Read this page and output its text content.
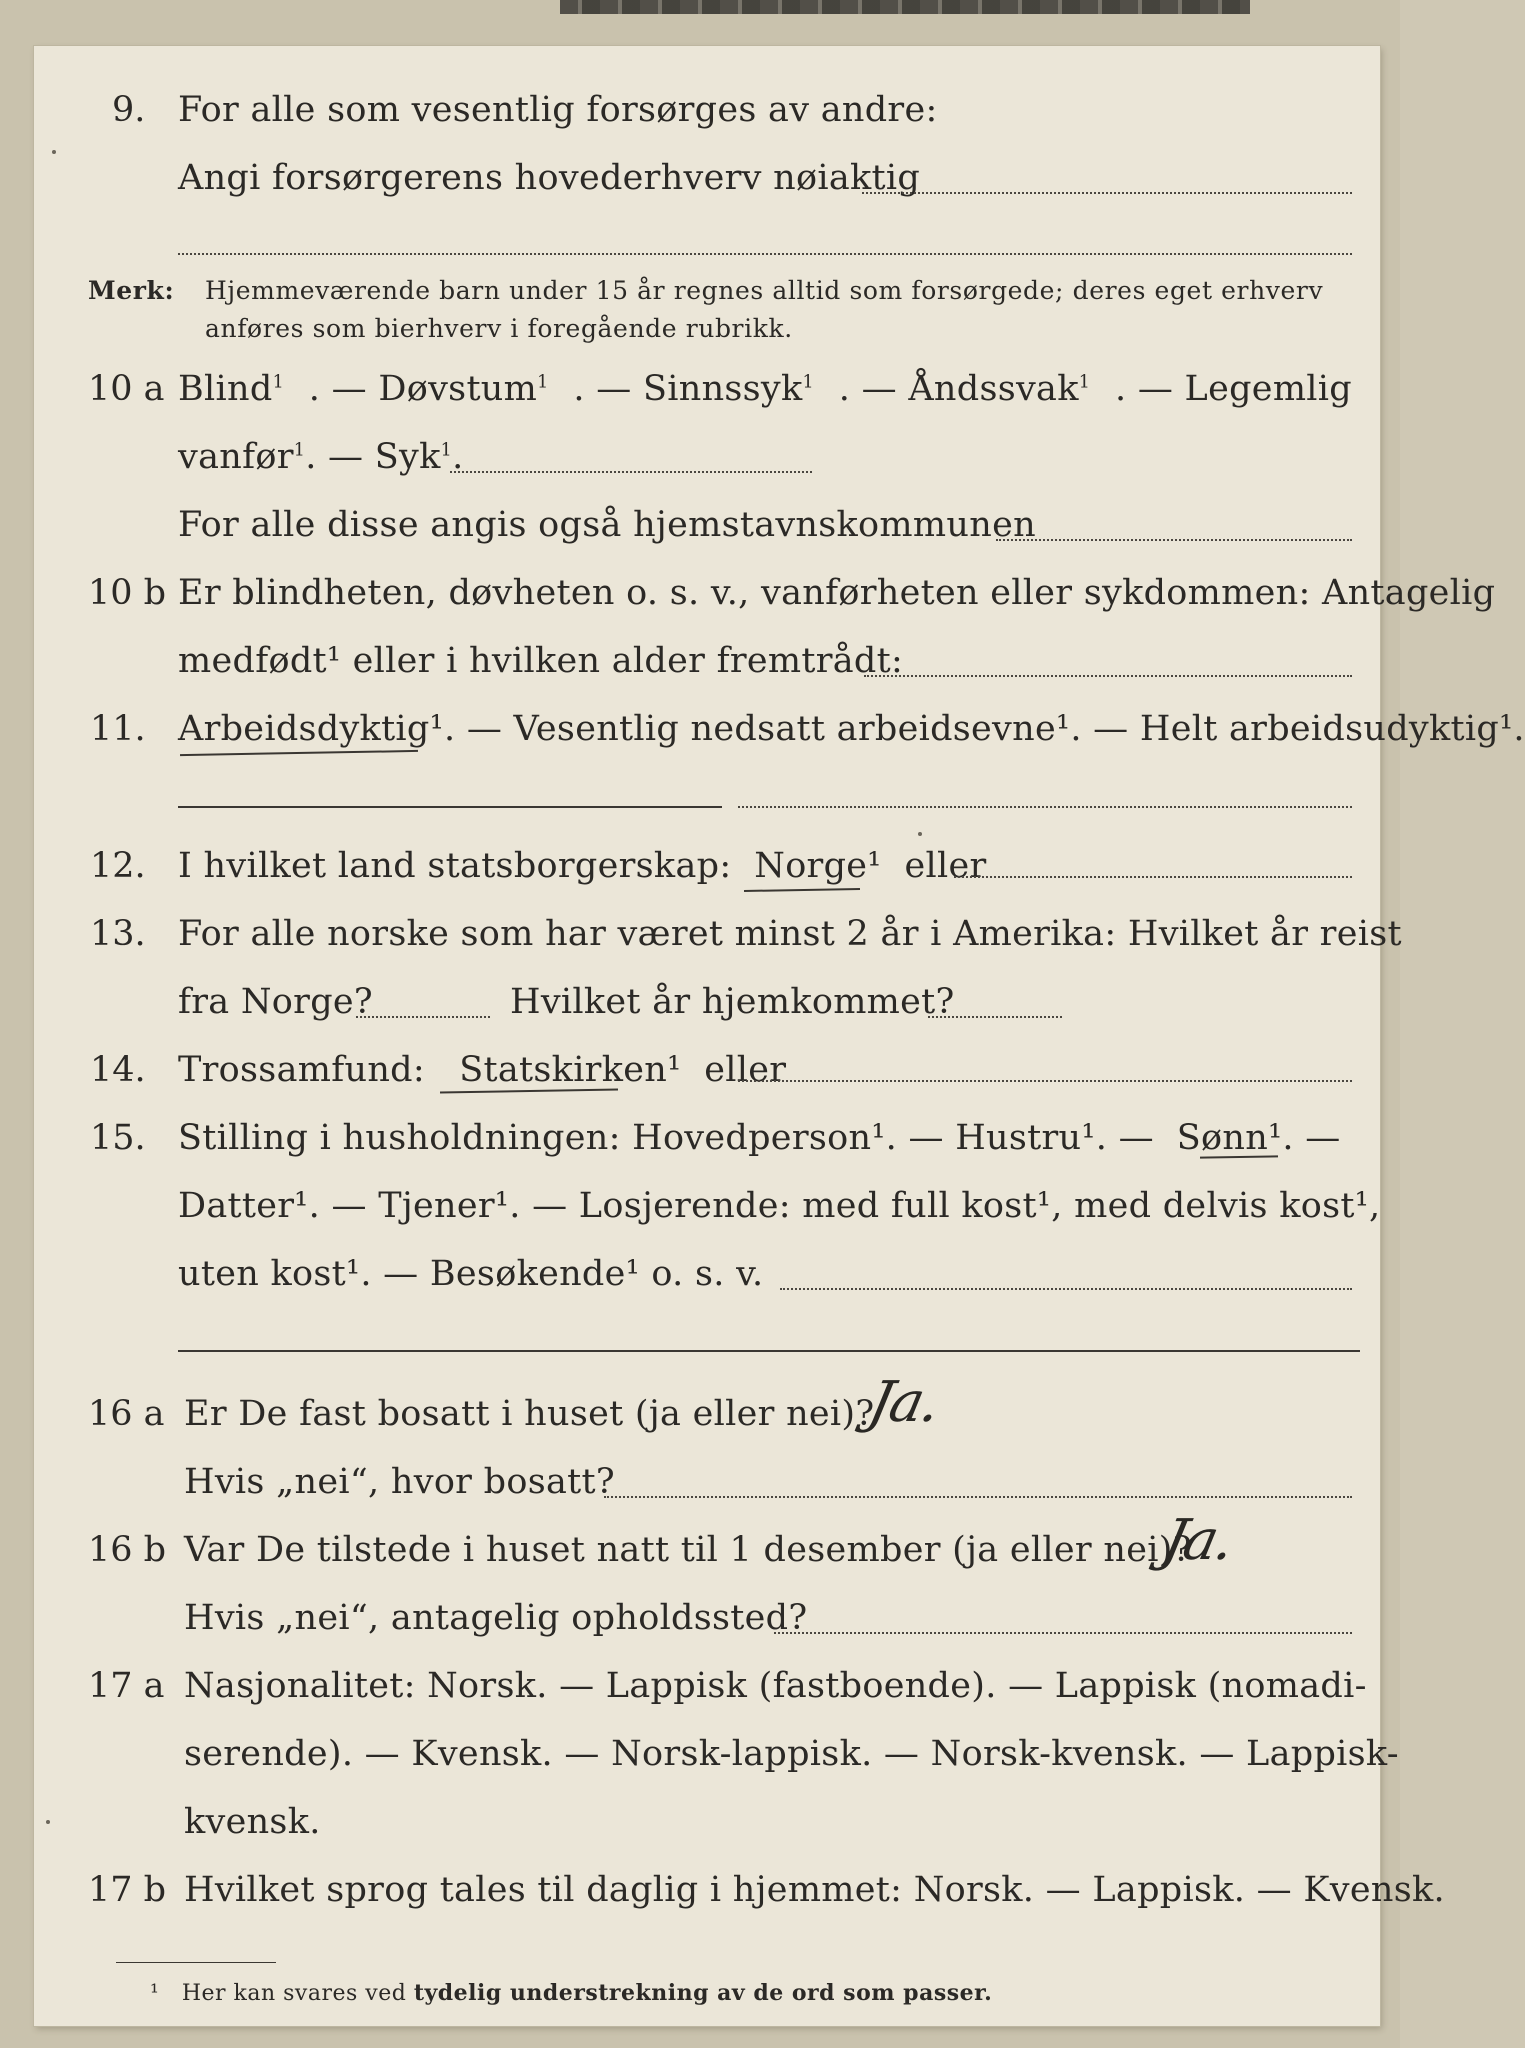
9. For alle som vesentlig forsørges av andre:
Angi forsørgerens hovederhverv nøiaktig
Merk: Hjemmeværende barn under 15 år regnes alltid som forsørgede; deres eget erhverv
anføres som bierhverv i foregående rubrikk.
10 a Blind$^1$ . — Døvstum$^1$ . — Sinnssyk$^1$ . — Åndssvak$^1$ . — Legemlig
vanfør$^1$. — Syk$^1$.
For alle disse angis også hjemstavnskommunen
10 b Er blindheten, døvheten o. s. v., vanførheten eller sykdommen: Antagelig
medfødt¹ eller i hvilken alder fremtrådt:
11. Arbeidsdyktig¹. — Vesentlig nedsatt arbeidsevne¹. — Helt arbeidsudyktig¹.
12. I hvilket land statsborgerskap: Norge¹ eller
13. For alle norske som har været minst 2 år i Amerika: Hvilket år reist
fra Norge?	Hvilket år hjemkommet?
14. Trossamfund: Statskirken¹ eller
15. Stilling i husholdningen: Hovedperson¹. — Hustru¹. — Sønn¹. —
Datter¹. — Tjener¹. — Losjerende: med full kost¹, med delvis kost¹,
uten kost¹. — Besøkende¹ o. s. v.
16 a Er De fast bosatt i huset (ja eller nei)?
Ja.
Hvis „nei“, hvor bosatt?
16 b Var De tilstede i huset natt til 1 desember (ja eller nei)?
Ja.
Hvis „nei“, antagelig opholdssted?
17 a Nasjonalitet: Norsk. — Lappisk (fastboende). — Lappisk (nomadi-
serende). — Kvensk. — Norsk-lappisk. — Norsk-kvensk. — Lappisk-
kvensk.
17 b Hvilket sprog tales til daglig i hjemmet: Norsk. — Lappisk. — Kvensk.
¹ Her kan svares ved tydelig understrekning av de ord som passer.
